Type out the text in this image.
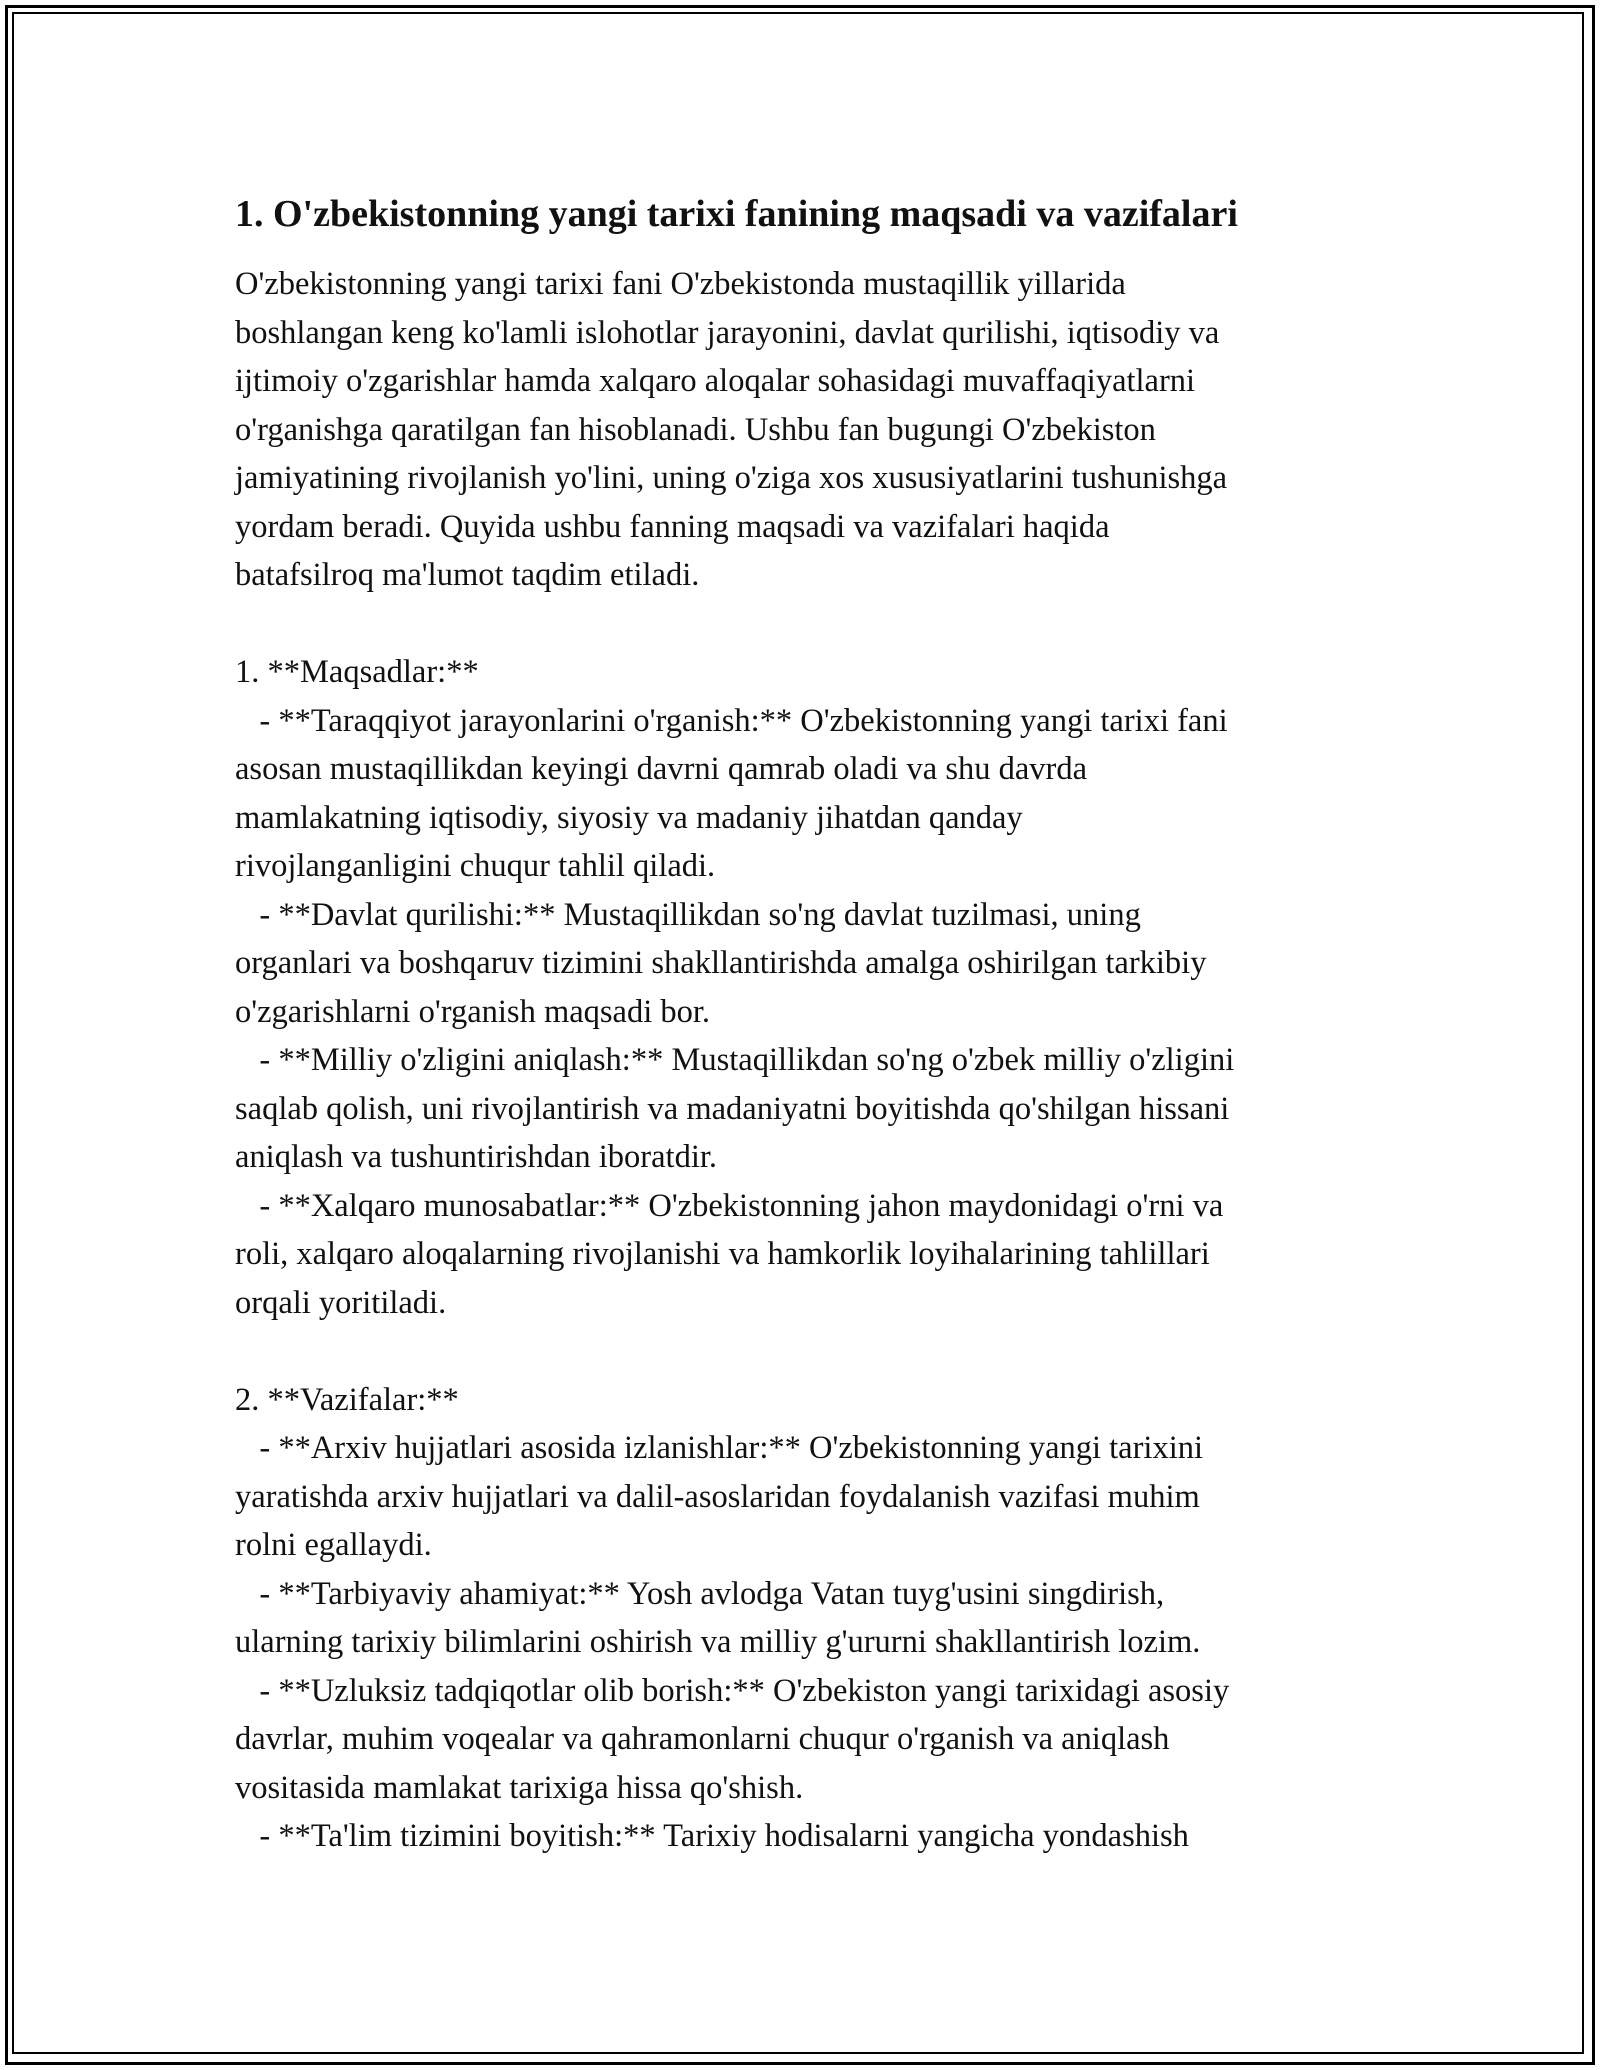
1. O'zbekistonning yangi tarixi fanining maqsadi va vazifalari
O'zbekistonning yangi tarixi fani O'zbekistonda mustaqillik yillarida
boshlangan keng ko'lamli islohotlar jarayonini, davlat qurilishi, iqtisodiy va
ijtimoiy o'zgarishlar hamda xalqaro aloqalar sohasidagi muvaffaqiyatlarni
o'rganishga qaratilgan fan hisoblanadi. Ushbu fan bugungi O'zbekiston
jamiyatining rivojlanish yo'lini, uning o'ziga xos xususiyatlarini tushunishga
yordam beradi. Quyida ushbu fanning maqsadi va vazifalari haqida
batafsilroq ma'lumot taqdim etiladi.
1. **Maqsadlar:**
- **Taraqqiyot jarayonlarini o'rganish:** O'zbekistonning yangi tarixi fani
asosan mustaqillikdan keyingi davrni qamrab oladi va shu davrda
mamlakatning iqtisodiy, siyosiy va madaniy jihatdan qanday
rivojlanganligini chuqur tahlil qiladi.
- **Davlat qurilishi:** Mustaqillikdan so'ng davlat tuzilmasi, uning
organlari va boshqaruv tizimini shakllantirishda amalga oshirilgan tarkibiy
o'zgarishlarni o'rganish maqsadi bor.
- **Milliy o'zligini aniqlash:** Mustaqillikdan so'ng o'zbek milliy o'zligini
saqlab qolish, uni rivojlantirish va madaniyatni boyitishda qo'shilgan hissani
aniqlash va tushuntirishdan iboratdir.
- **Xalqaro munosabatlar:** O'zbekistonning jahon maydonidagi o'rni va
roli, xalqaro aloqalarning rivojlanishi va hamkorlik loyihalarining tahlillari
orqali yoritiladi.
2. **Vazifalar:**
- **Arxiv hujjatlari asosida izlanishlar:** O'zbekistonning yangi tarixini
yaratishda arxiv hujjatlari va dalil-asoslaridan foydalanish vazifasi muhim
rolni egallaydi.
- **Tarbiyaviy ahamiyat:** Yosh avlodga Vatan tuyg'usini singdirish,
ularning tarixiy bilimlarini oshirish va milliy g'ururni shakllantirish lozim.
- **Uzluksiz tadqiqotlar olib borish:** O'zbekiston yangi tarixidagi asosiy
davrlar, muhim voqealar va qahramonlarni chuqur o'rganish va aniqlash
vositasida mamlakat tarixiga hissa qo'shish.
- **Ta'lim tizimini boyitish:** Tarixiy hodisalarni yangicha yondashish
